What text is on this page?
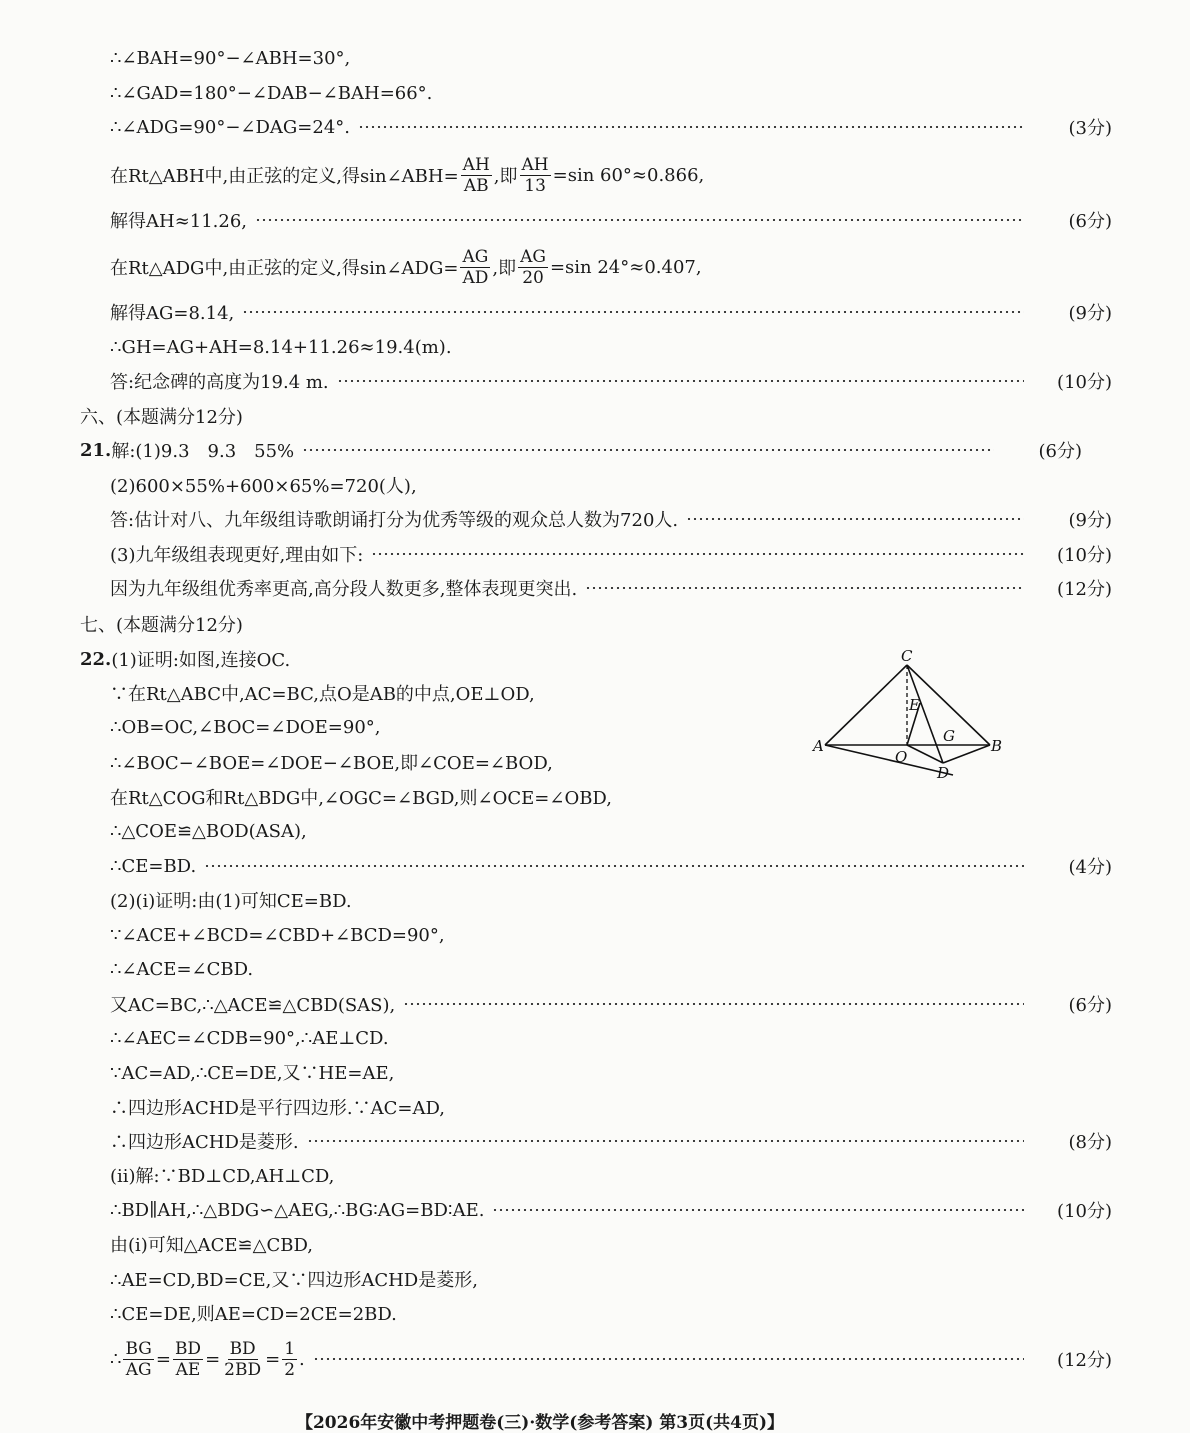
∴∠BAH=90°−∠ABH=30°,
∴∠GAD=180°−∠DAB−∠BAH=66°.
∴∠ADG=90°−∠DAG=24°.	(3分)
在Rt△ABH中,由正弦的定义,得sin∠ABH= $\frac{AH}{AB}$ ,即 $\frac{AH}{13} =\sin$ 60°≈0.866,
解得AH≈11.26,	(6分)
在Rt△ADG中,由正弦的定义,得sin∠ADG= $\frac{AG}{AD}$ ,即 $\frac{AG}{20} =\sin$ 24°≈0.407,
解得AG=8.14,	(9分)
∴GH=AG+AH=8.14+11.26≈19.4(m).
答:纪念碑的高度为19.4 m.	(10分)
六、(本题满分12分)
21. 解:(1)9.3　9.3　55%	(6分)
(2)600×55%+600×65%=720(人),
答:估计对八、九年级组诗歌朗诵打分为优秀等级的观众总人数为720人.	(9分)
(3)九年级组表现更好,理由如下:	(10分)
因为九年级组优秀率更高,高分段人数更多,整体表现更突出.	(12分)
七、(本题满分12分)
22. (1)证明:如图,连接OC.
∵在Rt△ABC中,AC=BC,点O是AB的中点,OE⊥OD,
∴OB=OC,∠BOC=∠DOE=90°,
∴∠BOC−∠BOE=∠DOE−∠BOE,即∠COE=∠BOD,
在Rt△COG和Rt△BDG中,∠OGC=∠BGD,则∠OCE=∠OBD,
∴△COE≌△BOD(ASA),
∴CE=BD.	(4分)
(2)(ⅰ)证明:由(1)可知CE=BD.
∵∠ACE+∠BCD=∠CBD+∠BCD=90°,
∴∠ACE=∠CBD.
又AC=BC,∴△ACE≌△CBD(SAS),	(6分)
∴∠AEC=∠CDB=90°,∴AE⊥CD.
∵AC=AD,∴CE=DE,又∵HE=AE,
∴四边形ACHD是平行四边形.∵AC=AD,
∴四边形ACHD是菱形.	(8分)
(ⅱ)解:∵BD⊥CD,AH⊥CD,
∴BD∥AH,∴△BDG∽△AEG,∴BG∶AG=BD∶AE.	(10分)
由(ⅰ)可知△ACE≌△CBD,
∴AE=CD,BD=CE,又∵四边形ACHD是菱形,
∴CE=DE,则AE=CD=2CE=2BD.
∴ $\frac{BG}{AG} = \frac{BD}{AE} = \frac{BD}{2BD} = \frac{1}{2}$ .	(12分)
C
E
G
A
O
B
D
【2026年安徽中考押题卷(三)·数学(参考答案) 第3页(共4页)】
